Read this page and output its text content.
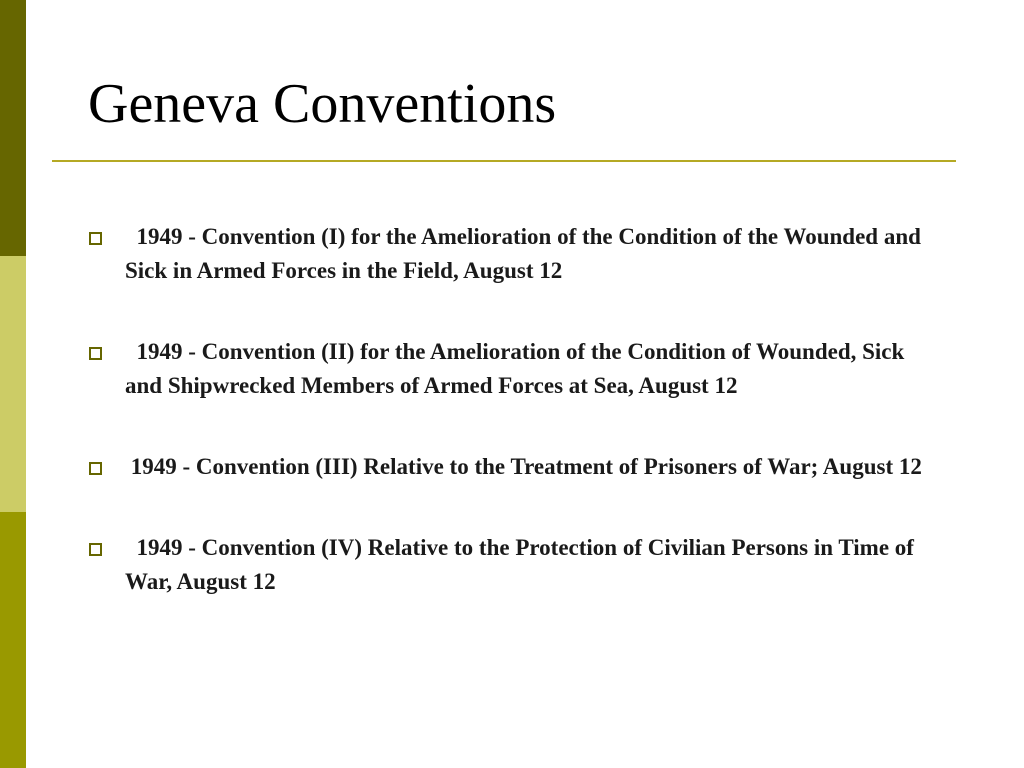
Geneva Conventions
1949 - Convention (I) for the Amelioration of the Condition of the Wounded and Sick in Armed Forces in the Field, August 12
1949 - Convention (II) for the Amelioration of the Condition of Wounded, Sick and Shipwrecked Members of Armed Forces at Sea, August 12
1949 - Convention (III) Relative to the Treatment of Prisoners of War; August 12
1949 - Convention (IV) Relative to the Protection of Civilian Persons in Time of War, August 12
